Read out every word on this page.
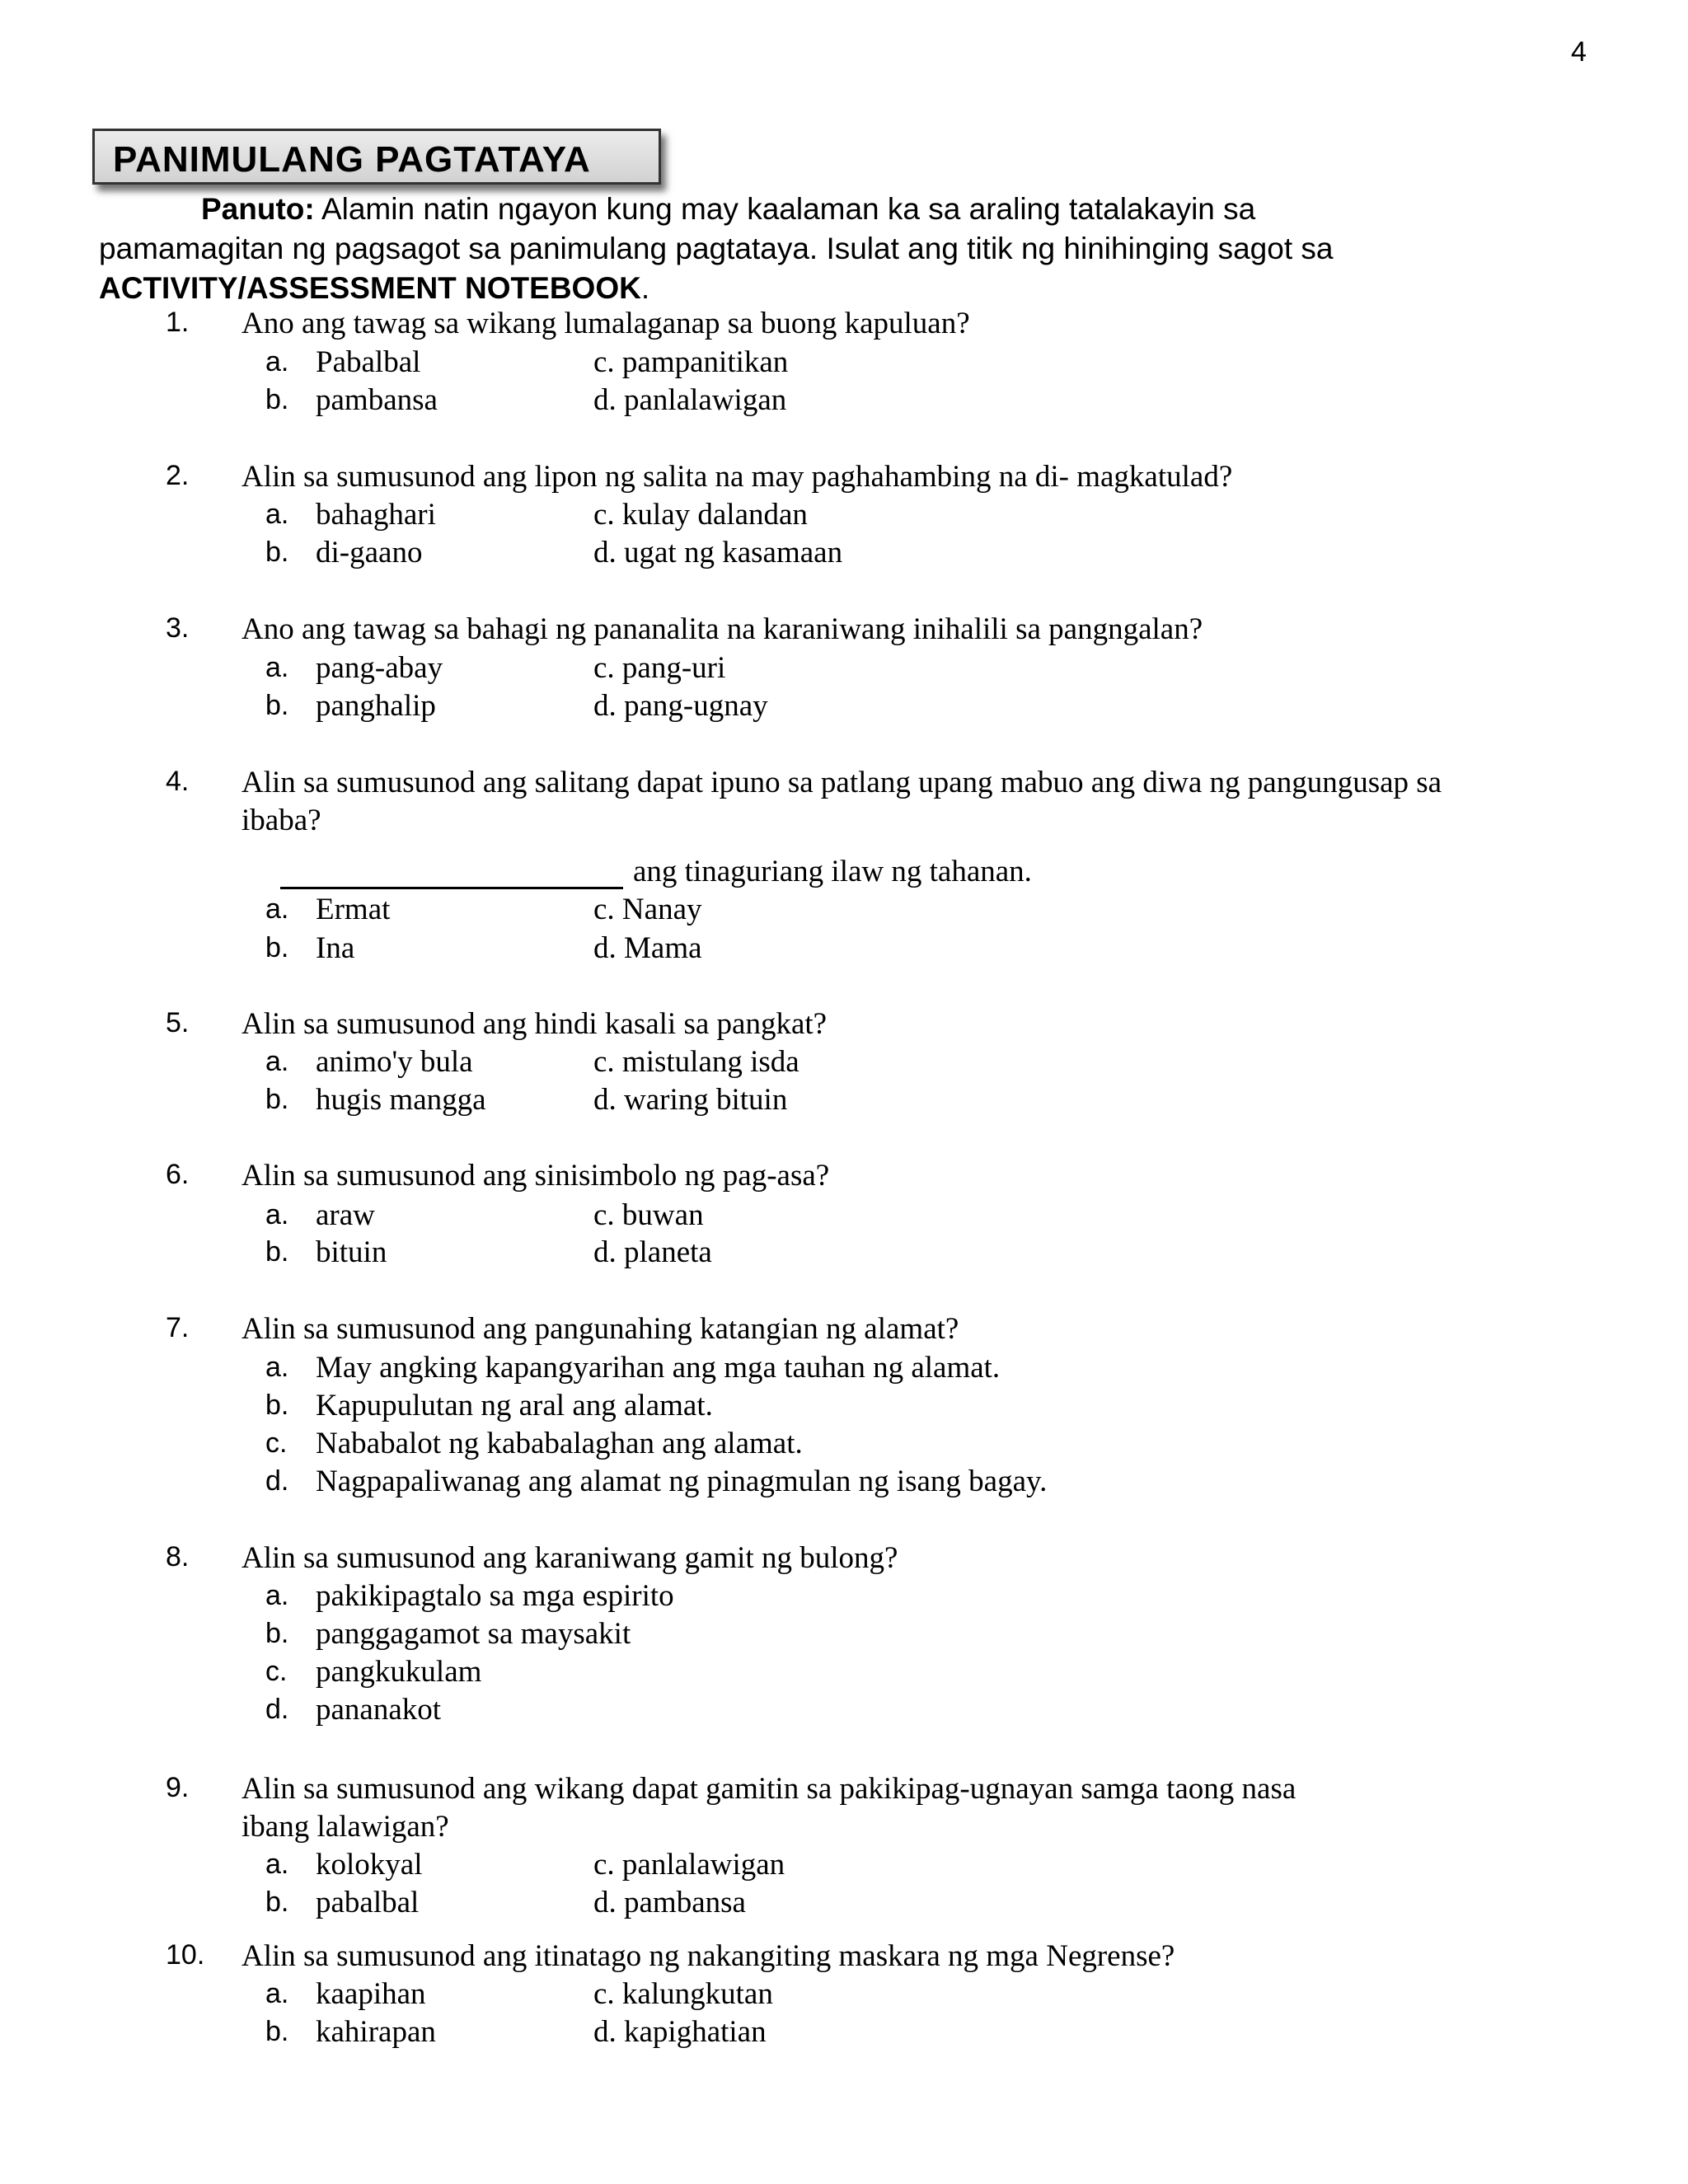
4
PANIMULANG PAGTATAYA
Panuto: Alamin natin ngayon kung may kaalaman ka sa araling tatalakayin sa
pamamagitan ng pagsagot sa panimulang pagtataya. Isulat ang titik ng hinihinging sagot sa
ACTIVITY/ASSESSMENT NOTEBOOK.
1. Ano ang tawag sa wikang lumalaganap sa buong kapuluan?
a. Pabalbal	c. pampanitikan
b. pambansa	d. panlalawigan
2. Alin sa sumusunod ang lipon ng salita na may paghahambing na di- magkatulad?
a. bahaghari	c. kulay dalandan
b. di-gaano	d. ugat ng kasamaan
3. Ano ang tawag sa bahagi ng pananalita na karaniwang inihalili sa pangngalan?
a. pang-abay	c. pang-uri
b. panghalip	d. pang-ugnay
4. Alin sa sumusunod ang salitang dapat ipuno sa patlang upang mabuo ang diwa ng pangungusap sa
ibaba?
ang tinaguriang ilaw ng tahanan.
a. Ermat	c. Nanay
b. Ina	d. Mama
5. Alin sa sumusunod ang hindi kasali sa pangkat?
a. animo'y bula	c. mistulang isda
b. hugis mangga	d. waring bituin
6. Alin sa sumusunod ang sinisimbolo ng pag-asa?
a. araw	c. buwan
b. bituin	d. planeta
7. Alin sa sumusunod ang pangunahing katangian ng alamat?
a. May angking kapangyarihan ang mga tauhan ng alamat.
b. Kapupulutan ng aral ang alamat.
c. Nababalot ng kababalaghan ang alamat.
d. Nagpapaliwanag ang alamat ng pinagmulan ng isang bagay.
8. Alin sa sumusunod ang karaniwang gamit ng bulong?
a. pakikipagtalo sa mga espirito
b. panggagamot sa maysakit
c. pangkukulam
d. pananakot
9. Alin sa sumusunod ang wikang dapat gamitin sa pakikipag-ugnayan samga taong nasa
ibang lalawigan?
a. kolokyal	c. panlalawigan
b. pabalbal	d. pambansa
10. Alin sa sumusunod ang itinatago ng nakangiting maskara ng mga Negrense?
a. kaapihan	c. kalungkutan
b. kahirapan	d. kapighatian
